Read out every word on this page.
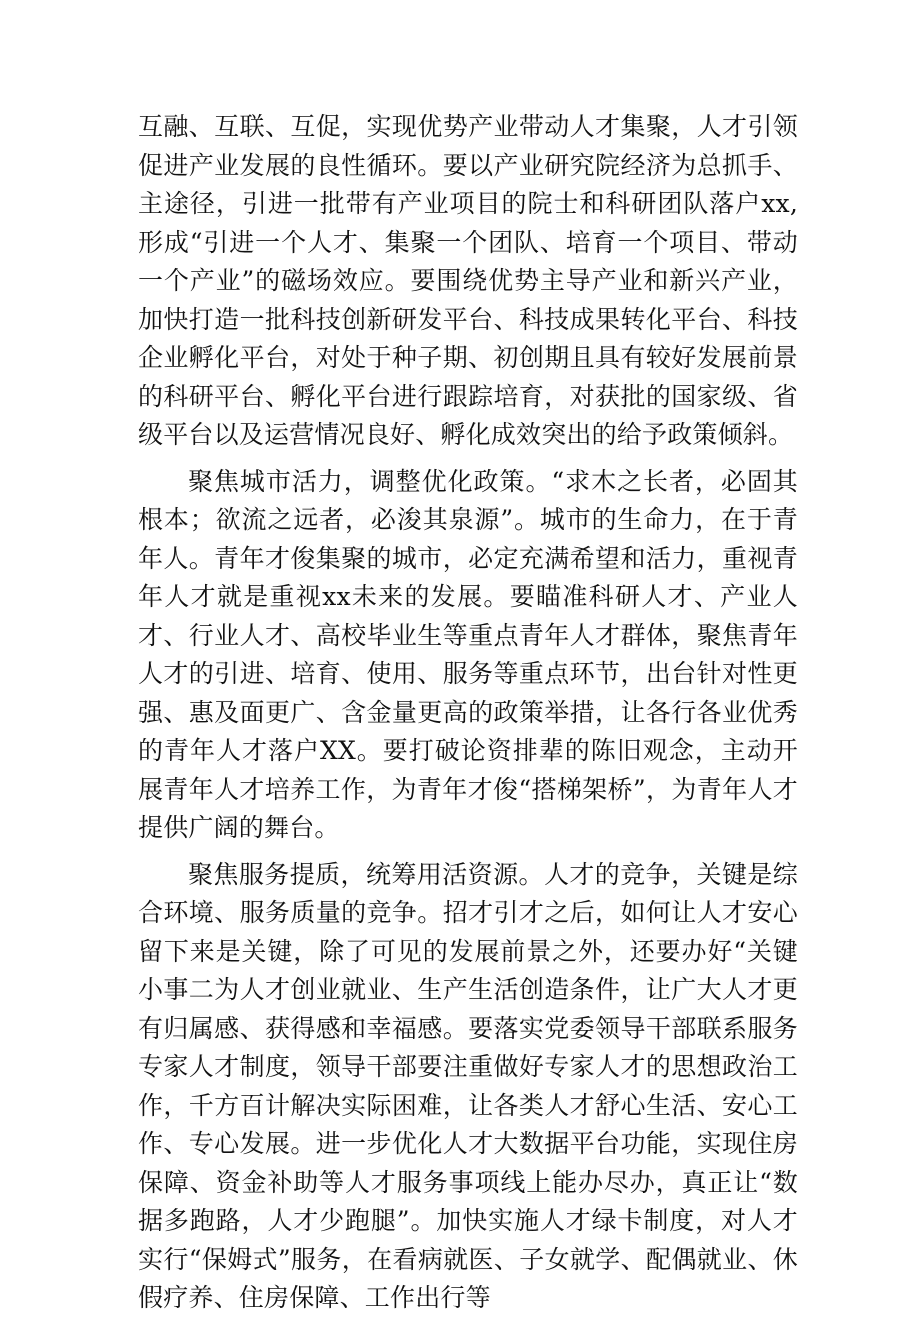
互融、互联、互促，实现优势产业带动人才集聚，人才引领促进产业发展的良性循环。要以产业研究院经济为总抓手、主途径，引进一批带有产业项目的院士和科研团队落户xx,形成“引进一个人才、集聚一个团队、培育一个项目、带动一个产业”的磁场效应。要围绕优势主导产业和新兴产业，加快打造一批科技创新研发平台、科技成果转化平台、科技企业孵化平台，对处于种子期、初创期且具有较好发展前景的科研平台、孵化平台进行跟踪培育，对获批的国家级、省级平台以及运营情况良好、孵化成效突出的给予政策倾斜。

聚焦城市活力，调整优化政策。“求木之长者，必固其根本；欲流之远者，必浚其泉源”。城市的生命力，在于青年人。青年才俊集聚的城市，必定充满希望和活力，重视青年人才就是重视xx未来的发展。要瞄准科研人才、产业人才、行业人才、高校毕业生等重点青年人才群体，聚焦青年人才的引进、培育、使用、服务等重点环节，出台针对性更强、惠及面更广、含金量更高的政策举措，让各行各业优秀的青年人才落户XX。要打破论资排辈的陈旧观念，主动开展青年人才培养工作，为青年才俊“搭梯架桥”，为青年人才提供广阔的舞台。

聚焦服务提质，统筹用活资源。人才的竞争，关键是综合环境、服务质量的竞争。招才引才之后，如何让人才安心留下来是关键，除了可见的发展前景之外，还要办好“关键小事二为人才创业就业、生产生活创造条件，让广大人才更有归属感、获得感和幸福感。要落实党委领导干部联系服务专家人才制度，领导干部要注重做好专家人才的思想政治工作，千方百计解决实际困难，让各类人才舒心生活、安心工作、专心发展。进一步优化人才大数据平台功能，实现住房保障、资金补助等人才服务事项线上能办尽办，真正让“数据多跑路，人才少跑腿”。加快实施人才绿卡制度，对人才实行“保姆式”服务，在看病就医、子女就学、配偶就业、休假疗养、住房保障、工作出行等
